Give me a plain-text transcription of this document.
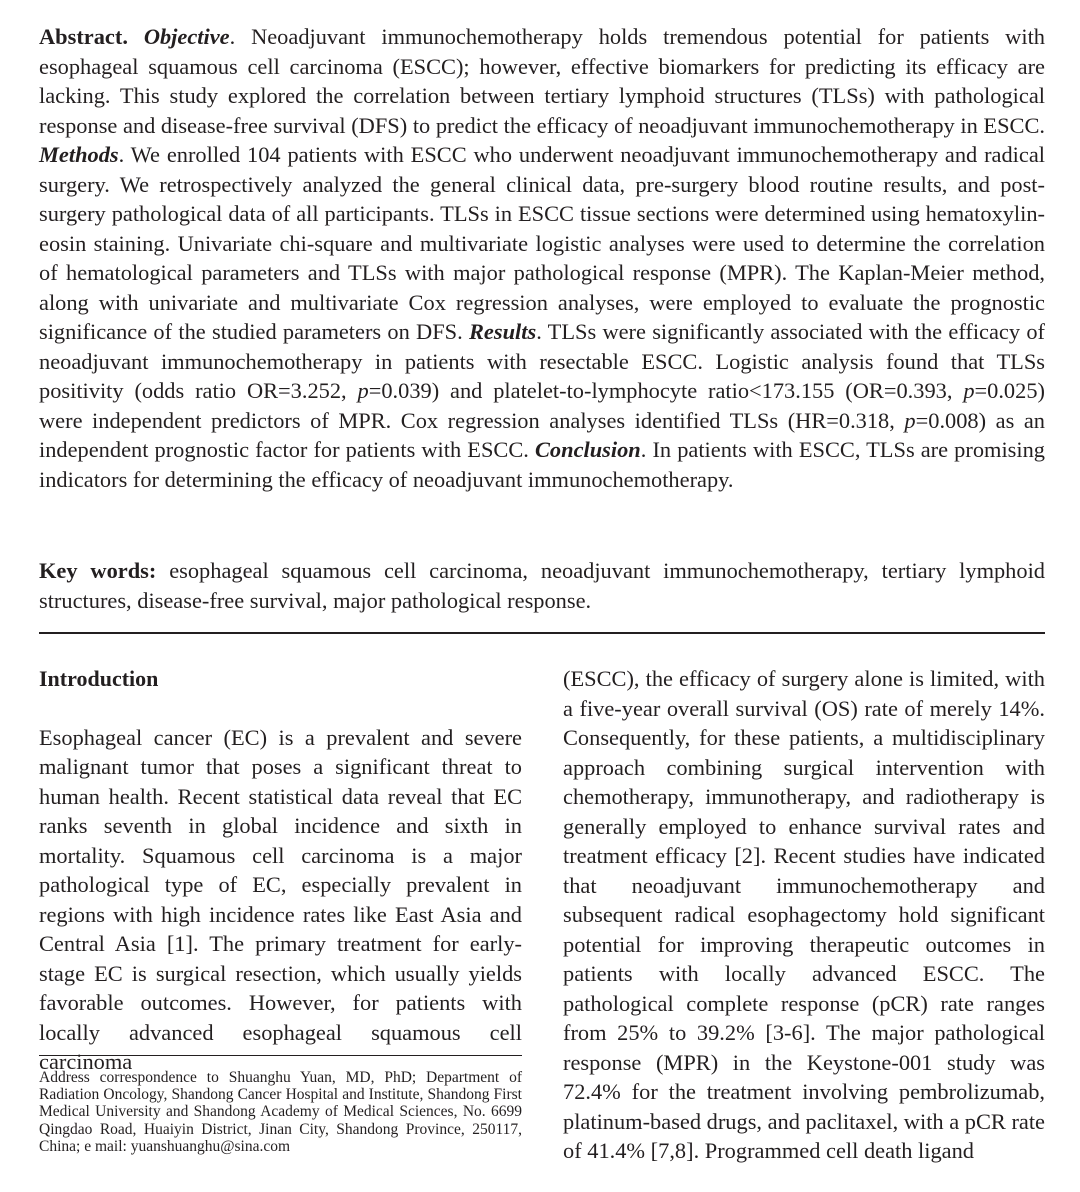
Abstract. Objective. Neoadjuvant immunochemotherapy holds tremendous potential for patients with esophageal squamous cell carcinoma (ESCC); however, effective biomarkers for predicting its efficacy are lacking. This study explored the correlation between tertiary lymphoid structures (TLSs) with pathological response and disease-free survival (DFS) to predict the efficacy of neoadjuvant immunochemotherapy in ESCC. Methods. We enrolled 104 patients with ESCC who underwent neoadjuvant immunochemotherapy and radical surgery. We retrospectively analyzed the general clinical data, pre-surgery blood routine results, and post-surgery pathological data of all participants. TLSs in ESCC tissue sections were determined using hematoxylin-eosin staining. Univariate chi-square and multivariate logistic analyses were used to determine the correlation of hematological parameters and TLSs with major pathological response (MPR). The Kaplan-Meier method, along with univariate and multivariate Cox regression analyses, were employed to evaluate the prognostic significance of the studied parameters on DFS. Results. TLSs were significantly associated with the efficacy of neoadjuvant immunochemotherapy in patients with resectable ESCC. Logistic analysis found that TLSs positivity (odds ratio OR=3.252, p=0.039) and platelet-to-lymphocyte ratio<173.155 (OR=0.393, p=0.025) were independent predictors of MPR. Cox regression analyses identified TLSs (HR=0.318, p=0.008) as an independent prognostic factor for patients with ESCC. Conclusion. In patients with ESCC, TLSs are promising indicators for determining the efficacy of neoadjuvant immunochemotherapy.
Key words: esophageal squamous cell carcinoma, neoadjuvant immunochemotherapy, tertiary lymphoid structures, disease-free survival, major pathological response.
Introduction

Esophageal cancer (EC) is a prevalent and severe malignant tumor that poses a significant threat to human health. Recent statistical data reveal that EC ranks seventh in global incidence and sixth in mortality. Squamous cell carcinoma is a major pathological type of EC, especially prevalent in regions with high incidence rates like East Asia and Central Asia [1]. The primary treatment for early-stage EC is surgical resection, which usually yields favorable outcomes. However, for patients with locally advanced esophageal squamous cell carcinoma

(ESCC), the efficacy of surgery alone is limited, with a five-year overall survival (OS) rate of merely 14%. Consequently, for these patients, a multidisciplinary approach combining surgical intervention with chemotherapy, immunotherapy, and radiotherapy is generally employed to enhance survival rates and treatment efficacy [2]. Recent studies have indicated that neoadjuvant immunochemotherapy and subsequent radical esophagectomy hold significant potential for improving therapeutic outcomes in patients with locally advanced ESCC. The pathological complete response (pCR) rate ranges from 25% to 39.2% [3-6]. The major pathological response (MPR) in the Keystone-001 study was 72.4% for the treatment involving pembrolizumab, platinum-based drugs, and paclitaxel, with a pCR rate of 41.4% [7,8]. Programmed cell death ligand

Address correspondence to Shuanghu Yuan, MD, PhD; Department of Radiation Oncology, Shandong Cancer Hospital and Institute, Shandong First Medical University and Shandong Academy of Medical Sciences, No. 6699 Qingdao Road, Huaiyin District, Jinan City, Shandong Province, 250117, China; e mail: yuanshuanghu@sina.com
